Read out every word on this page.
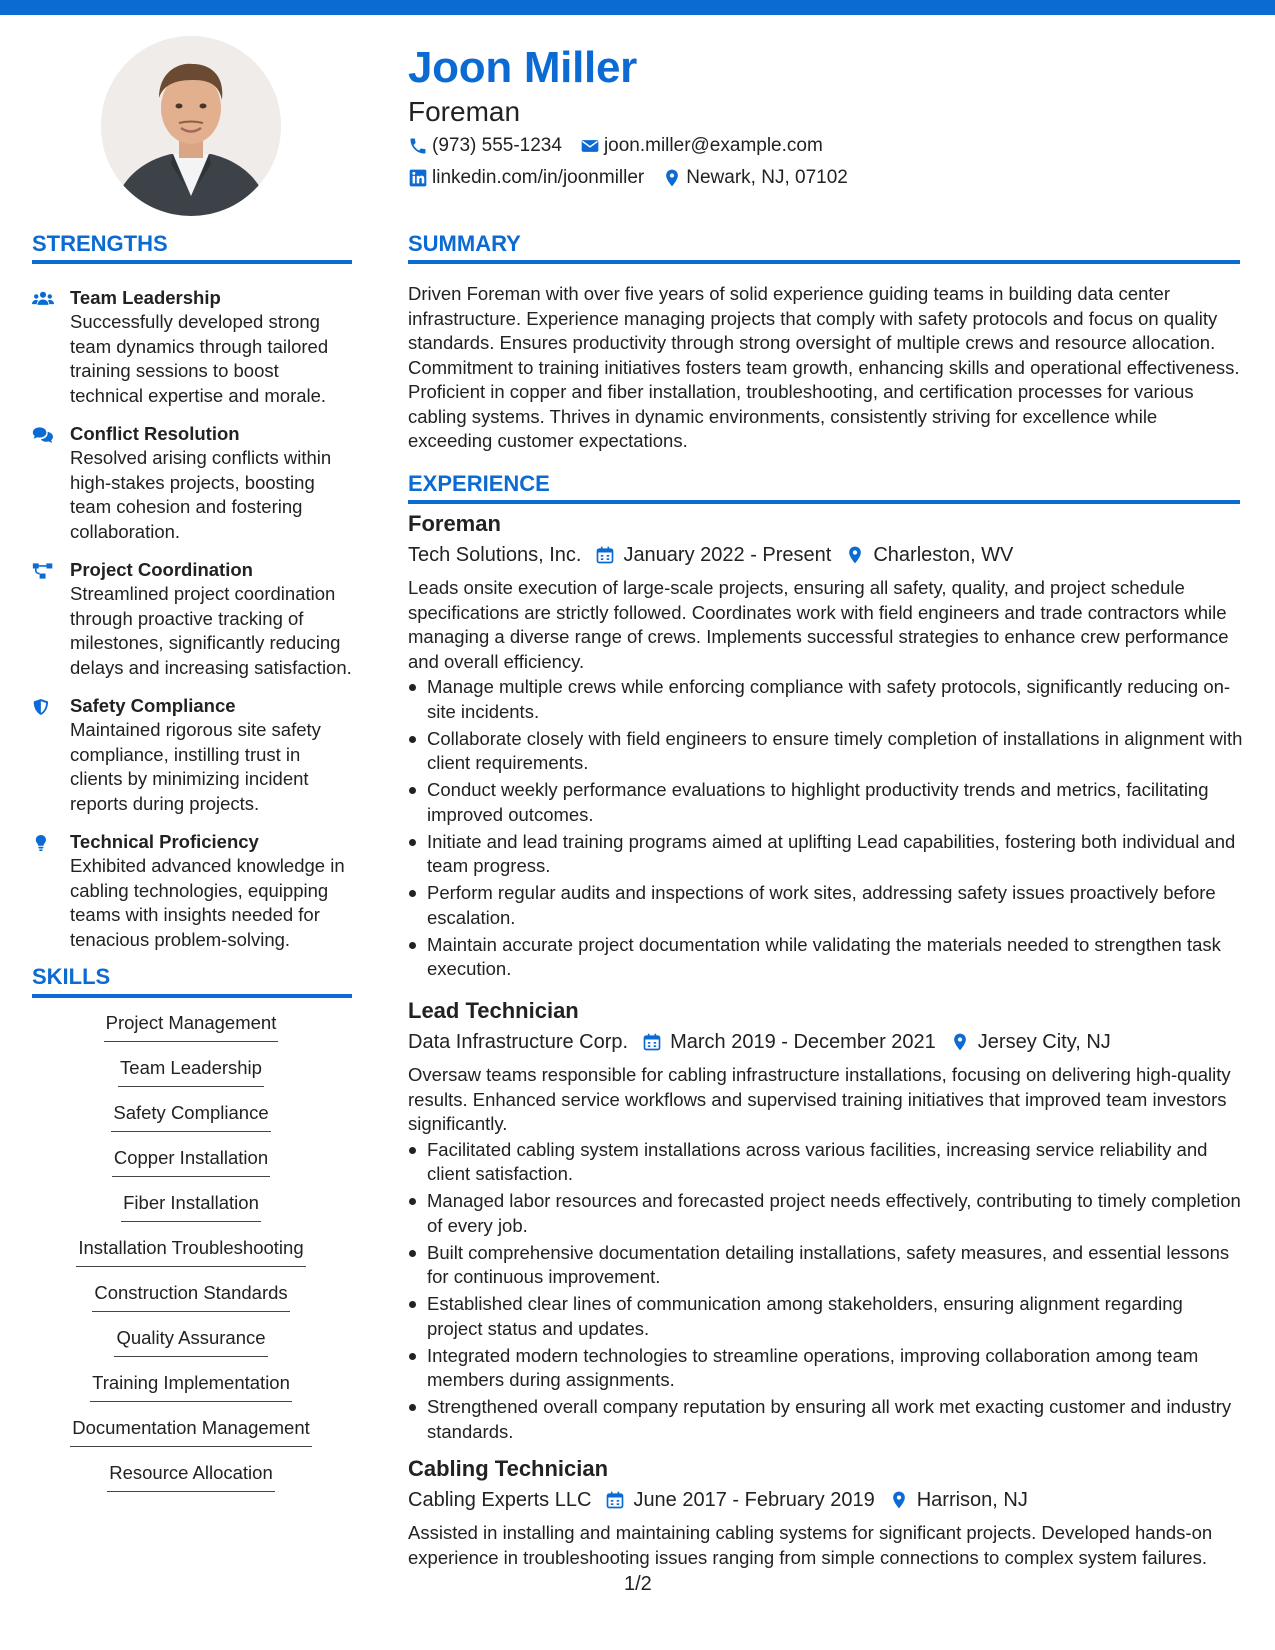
Joon Miller
Foreman
(973) 555-1234 joon.miller@example.com
linkedin.com/in/joonmiller Newark, NJ, 07102
STRENGTHS
Team Leadership
Successfully developed strong team dynamics through tailored training sessions to boost technical expertise and morale.
Conflict Resolution
Resolved arising conflicts within high-stakes projects, boosting team cohesion and fostering collaboration.
Project Coordination
Streamlined project coordination through proactive tracking of milestones, significantly reducing delays and increasing satisfaction.
Safety Compliance
Maintained rigorous site safety compliance, instilling trust in clients by minimizing incident reports during projects.
Technical Proficiency
Exhibited advanced knowledge in cabling technologies, equipping teams with insights needed for tenacious problem-solving.
SKILLS
Project Management
Team Leadership
Safety Compliance
Copper Installation
Fiber Installation
Installation Troubleshooting
Construction Standards
Quality Assurance
Training Implementation
Documentation Management
Resource Allocation
SUMMARY
Driven Foreman with over five years of solid experience guiding teams in building data center infrastructure. Experience managing projects that comply with safety protocols and focus on quality standards. Ensures productivity through strong oversight of multiple crews and resource allocation. Commitment to training initiatives fosters team growth, enhancing skills and operational effectiveness. Proficient in copper and fiber installation, troubleshooting, and certification processes for various cabling systems. Thrives in dynamic environments, consistently striving for excellence while exceeding customer expectations.
EXPERIENCE
Foreman
Tech Solutions, Inc. January 2022 - Present Charleston, WV
Leads onsite execution of large-scale projects, ensuring all safety, quality, and project schedule specifications are strictly followed. Coordinates work with field engineers and trade contractors while managing a diverse range of crews. Implements successful strategies to enhance crew performance and overall efficiency.
Manage multiple crews while enforcing compliance with safety protocols, significantly reducing on-site incidents.
Collaborate closely with field engineers to ensure timely completion of installations in alignment with client requirements.
Conduct weekly performance evaluations to highlight productivity trends and metrics, facilitating improved outcomes.
Initiate and lead training programs aimed at uplifting Lead capabilities, fostering both individual and team progress.
Perform regular audits and inspections of work sites, addressing safety issues proactively before escalation.
Maintain accurate project documentation while validating the materials needed to strengthen task execution.
Lead Technician
Data Infrastructure Corp. March 2019 - December 2021 Jersey City, NJ
Oversaw teams responsible for cabling infrastructure installations, focusing on delivering high-quality results. Enhanced service workflows and supervised training initiatives that improved team investors significantly.
Facilitated cabling system installations across various facilities, increasing service reliability and client satisfaction.
Managed labor resources and forecasted project needs effectively, contributing to timely completion of every job.
Built comprehensive documentation detailing installations, safety measures, and essential lessons for continuous improvement.
Established clear lines of communication among stakeholders, ensuring alignment regarding project status and updates.
Integrated modern technologies to streamline operations, improving collaboration among team members during assignments.
Strengthened overall company reputation by ensuring all work met exacting customer and industry standards.
Cabling Technician
Cabling Experts LLC June 2017 - February 2019 Harrison, NJ
Assisted in installing and maintaining cabling systems for significant projects. Developed hands-on experience in troubleshooting issues ranging from simple connections to complex system failures.
1/2
